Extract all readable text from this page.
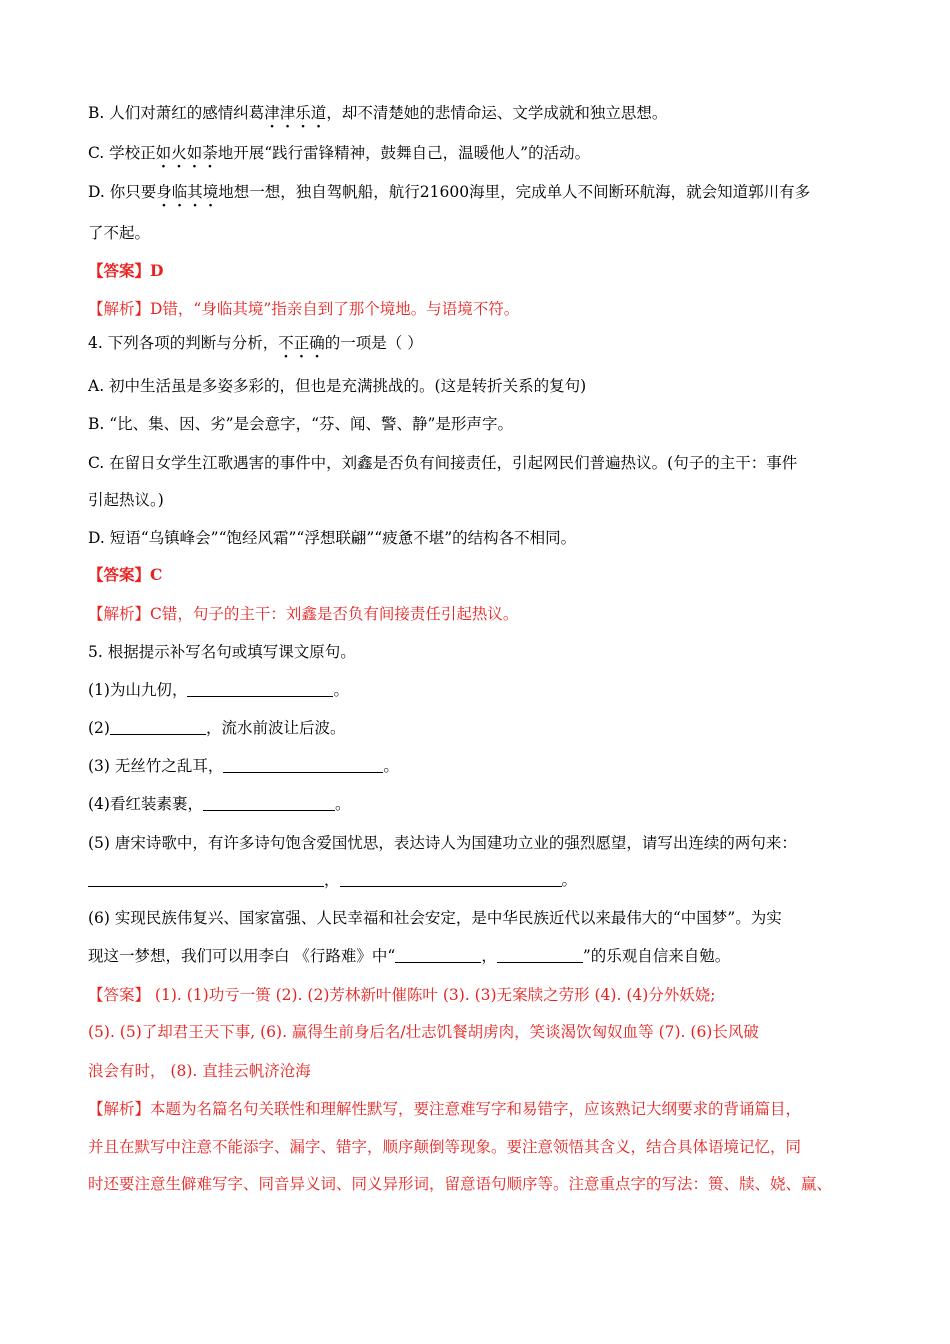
B. 人们对萧红的感情纠葛津津乐道，却不清楚她的悲情命运、文学成就和独立思想。
C. 学校正如火如荼地开展“践行雷锋精神，鼓舞自己，温暖他人”的活动。
D. 你只要身临其境地想一想，独自驾帆船，航行21600海里，完成单人不间断环航海，就会知道郭川有多
了不起。
【答案】D
【解析】D错，“身临其境”指亲自到了那个境地。与语境不符。
4. 下列各项的判断与分析，不正确的一项是（ ）
A. 初中生活虽是多姿多彩的，但也是充满挑战的。(这是转折关系的复句)
B. “比、集、因、劣”是会意字，“芬、闻、警、静”是形声字。
C. 在留日女学生江歌遇害的事件中，刘鑫是否负有间接责任，引起网民们普遍热议。(句子的主干：事件
引起热议。)
D. 短语“乌镇峰会”“饱经风霜”“浮想联翩”“疲惫不堪”的结构各不相同。
【答案】C
【解析】C错，句子的主干：刘鑫是否负有间接责任引起热议。
5. 根据提示补写名句或填写课文原句。
(1)为山九仞，	。
(2)	，流水前波让后波。
(3) 无丝竹之乱耳，	。
(4)看红装素裹，	。
(5) 唐宋诗歌中，有许多诗句饱含爱国忧思，表达诗人为国建功立业的强烈愿望，请写出连续的两句来：
，	。
(6) 实现民族伟复兴、国家富强、人民幸福和社会安定，是中华民族近代以来最伟大的“中国梦”。为实
现这一梦想，我们可以用李白 《行路难》中“	，	”的乐观自信来自勉。
【答案】 (1). (1)功亏一篑 (2). (2)芳林新叶催陈叶 (3). (3)无案牍之劳形 (4). (4)分外妖娆;
(5). (5)了却君王天下事, (6). 赢得生前身后名/壮志饥餐胡虏肉，笑谈渴饮匈奴血等 (7). (6)长风破
浪会有时， (8). 直挂云帆济沧海
【解析】本题为名篇名句关联性和理解性默写，要注意难写字和易错字，应该熟记大纲要求的背诵篇目，
并且在默写中注意不能添字、漏字、错字，顺序颠倒等现象。要注意领悟其含义，结合具体语境记忆，同
时还要注意生僻难写字、同音异义词、同义异形词，留意语句顺序等。注意重点字的写法：篑、牍、娆、赢、
